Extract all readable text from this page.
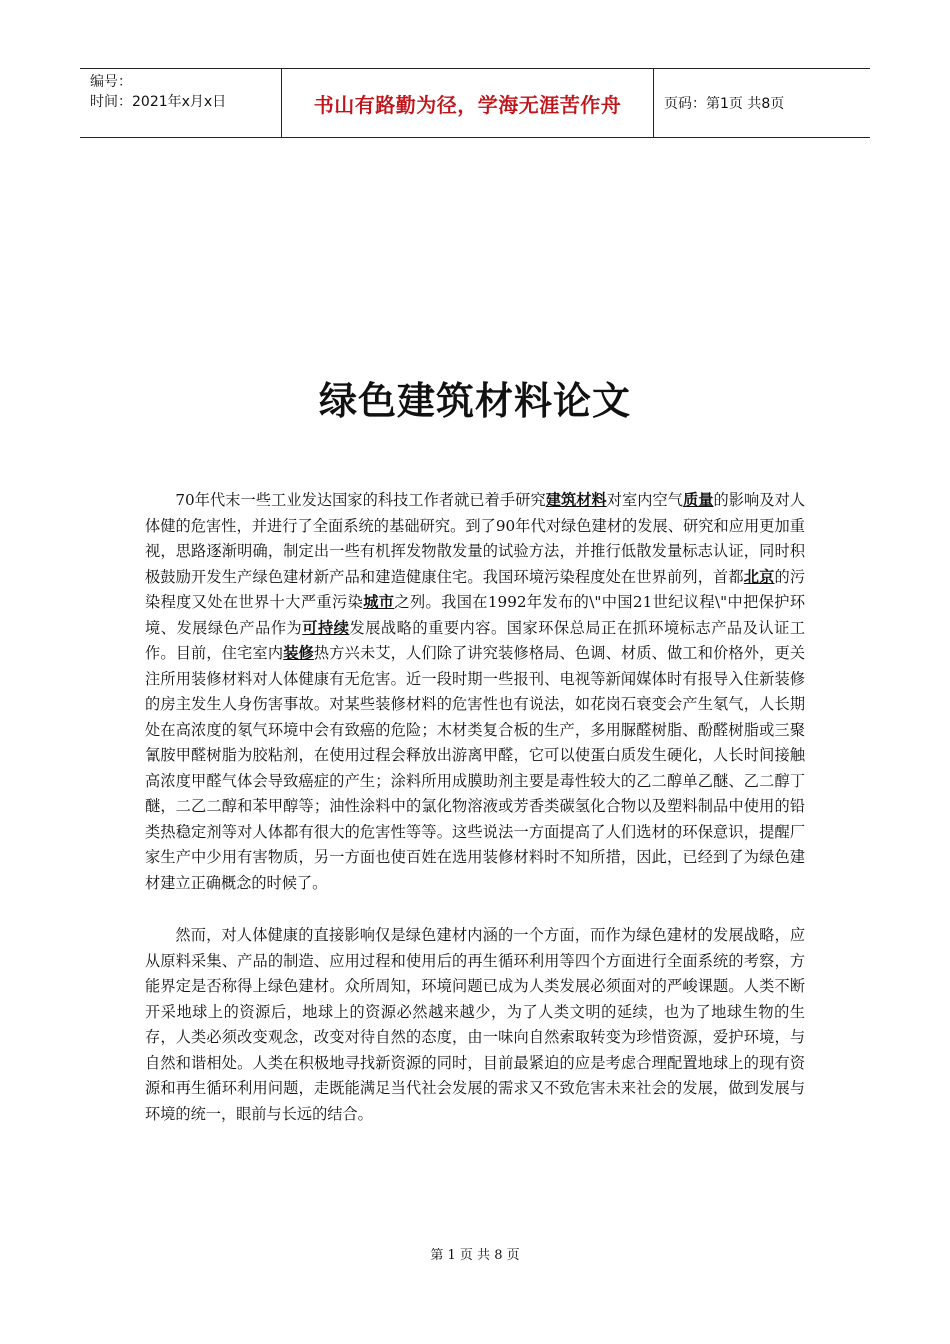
编号：
时间：2021年x月x日	书山有路勤为径，学海无涯苦作舟	页码：第1页 共8页
绿色建筑材料论文

70年代末一些工业发达国家的科技工作者就已着手研究建筑材料对室内空气质量的影响及对人体健的危害性，并进行了全面系统的基础研究。到了90年代对绿色建材的发展、研究和应用更加重视，思路逐渐明确，制定出一些有机挥发物散发量的试验方法，并推行低散发量标志认证，同时积极鼓励开发生产绿色建材新产品和建造健康住宅。我国环境污染程度处在世界前列，首都北京的污染程度又处在世界十大严重污染城市之列。我国在1992年发布的\"中国21世纪议程\"中把保护环境、发展绿色产品作为可持续发展战略的重要内容。国家环保总局正在抓环境标志产品及认证工作。目前，住宅室内装修热方兴未艾，人们除了讲究装修格局、色调、材质、做工和价格外，更关注所用装修材料对人体健康有无危害。近一段时期一些报刊、电视等新闻媒体时有报导入住新装修的房主发生人身伤害事故。对某些装修材料的危害性也有说法，如花岗石衰变会产生氡气，人长期处在高浓度的氡气环境中会有致癌的危险；木材类复合板的生产，多用脲醛树脂、酚醛树脂或三聚氰胺甲醛树脂为胶粘剂，在使用过程会释放出游离甲醛，它可以使蛋白质发生硬化，人长时间接触高浓度甲醛气体会导致癌症的产生；涂料所用成膜助剂主要是毒性较大的乙二醇单乙醚、乙二醇丁醚，二乙二醇和苯甲醇等；油性涂料中的氯化物溶液或芳香类碳氢化合物以及塑料制品中使用的铅类热稳定剂等对人体都有很大的危害性等等。这些说法一方面提高了人们选材的环保意识，提醒厂家生产中少用有害物质，另一方面也使百姓在选用装修材料时不知所措，因此，已经到了为绿色建材建立正确概念的时候了。

然而，对人体健康的直接影响仅是绿色建材内涵的一个方面，而作为绿色建材的发展战略，应从原料采集、产品的制造、应用过程和使用后的再生循环利用等四个方面进行全面系统的考察，方能界定是否称得上绿色建材。众所周知，环境问题已成为人类发展必须面对的严峻课题。人类不断开采地球上的资源后，地球上的资源必然越来越少，为了人类文明的延续，也为了地球生物的生存，人类必须改变观念，改变对待自然的态度，由一味向自然索取转变为珍惜资源，爱护环境，与自然和谐相处。人类在积极地寻找新资源的同时，目前最紧迫的应是考虑合理配置地球上的现有资源和再生循环利用问题，走既能满足当代社会发展的需求又不致危害未来社会的发展，做到发展与环境的统一，眼前与长远的结合。

第 1 页 共 8 页
